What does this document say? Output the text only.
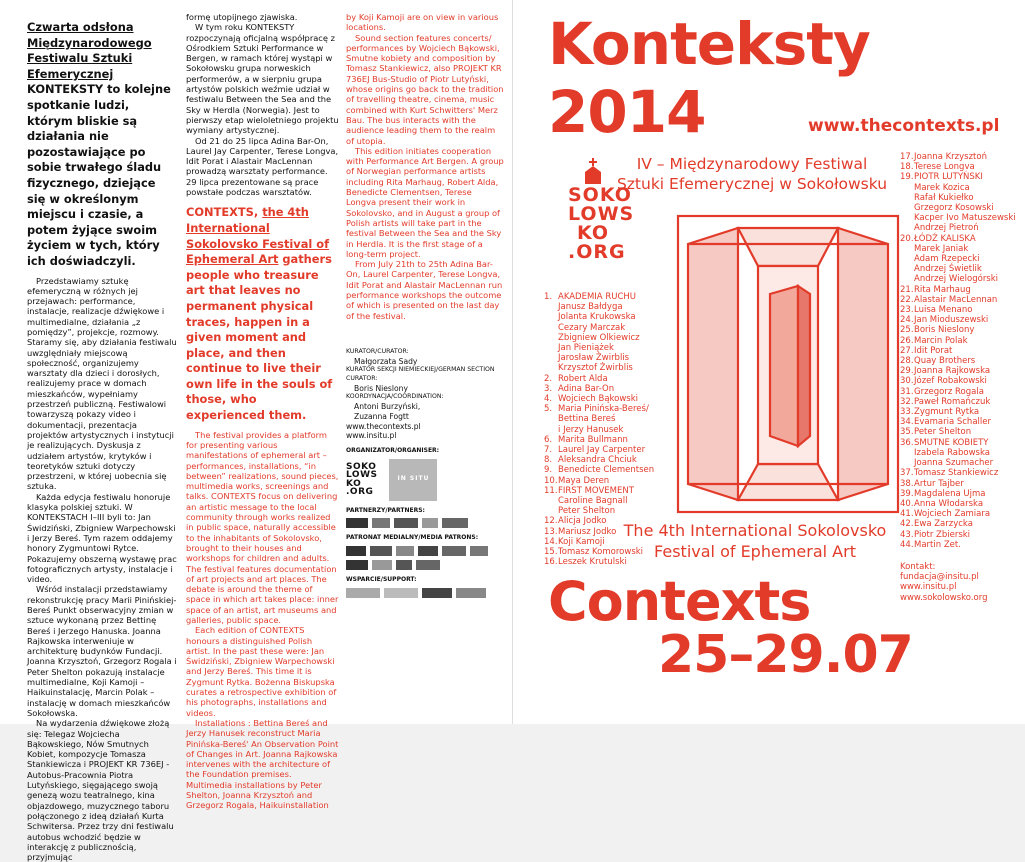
Czwarta odsłona
Międzynarodowego
Festiwalu Sztuki
Efemerycznej KONTEKSTY to kolejne spotkanie ludzi, którym bliskie są działania nie pozostawiające po sobie trwałego śladu fizycznego, dziejące się w określonym miejscu i czasie, a potem żyjące swoim życiem w tych, który ich doświadczyli.

Przedstawiamy sztukę efemeryczną w różnych jej przejawach: performance, instalacje, realizacje dźwiękowe i multimedialne, działania „z pomiędzy”, projekcje, rozmowy. Staramy się, aby działania festiwalu uwzględniały miejscową społeczność, organizujemy warsztaty dla dzieci i dorosłych, realizujemy prace w domach mieszkańców, wypełniamy przestrzeń publiczną. Festiwalowi towarzyszą pokazy video i dokumentacji, prezentacja projektów artystycznych i instytucji je realizujących. Dyskusja z udziałem artystów, krytyków i teoretyków sztuki dotyczy przestrzeni, w której uobecnia się sztuka.

Każda edycja festiwalu honoruje klasyka polskiej sztuki. W KONTEKSTACH I–III byli to: Jan Świdziński, Zbigniew Warpechowski i Jerzy Bereś. Tym razem oddajemy honory Zygmuntowi Rytce. Pokazujemy obszerną wystawę prac fotograficznych artysty, instalacje i video.

Wśród instalacji przedstawiamy rekonstrukcję pracy Marii Pinińskiej-Bereś Punkt obserwacyjny zmian w sztuce wykonaną przez Bettinę Bereś i Jerzego Hanuska. Joanna Rajkowska interweniuje w architekturę budynków Fundacji. Joanna Krzysztoń, Grzegorz Rogala i Peter Shelton pokazują instalacje multimedialne, Koji Kamoji – Haikuinstalację, Marcin Polak – instalację w domach mieszkańców Sokołowska.

Na wydarzenia dźwiękowe złożą się: Telegaz Wojciecha Bąkowskiego, Nów Smutnych Kobiet, kompozycje Tomasza Stankiewicza i PROJEKT KR 736EJ - Autobus-Pracownia Piotra Lutyńskiego, sięgającego swoją genezą wozu teatralnego, kina objazdowego, muzycznego taboru połączonego z ideą działań Kurta Schwitersa. Przez trzy dni festiwalu autobus wchodzić będzie w interakcję z publicznością, przyjmując

formę utopijnego zjawiska.

W tym roku KONTEKSTY rozpoczynają oficjalną współpracę z Ośrodkiem Sztuki Performance w Bergen, w ramach której wystąpi w Sokołowsku grupa norweskich performerów, a w sierpniu grupa artystów polskich weźmie udział w festiwalu Between the Sea and the Sky w Herdla (Norwegia). Jest to pierwszy etap wieloletniego projektu wymiany artystycznej.

Od 21 do 25 lipca Adina Bar-On, Laurel Jay Carpenter, Terese Longva, Idit Porat i Alastair MacLennan prowadzą warsztaty performance. 29 lipca prezentowane są prace powstałe podczas warsztatów.

CONTEXTS, the 4th International Sokolovsko Festival of Ephemeral Art gathers people who treasure art that leaves no permanent physical traces, happen in a given moment and place, and then continue to live their own life in the souls of those, who experienced them.

The festival provides a platform for presenting various manifestations of ephemeral art – performances, installations, “in between” realizations, sound pieces, multimedia works, screenings and talks. CONTEXTS focus on delivering an artistic message to the local community through works realized in public space, naturally accessible to the inhabitants of Sokolovsko, brought to their houses and workshops for children and adults. The festival features documentation of art projects and art places. The debate is around the theme of space in which art takes place: inner space of an artist, art museums and galleries, public space.

Each edition of CONTEXTS honours a distinguished Polish artist. In the past these were: Jan Świdziński, Zbigniew Warpechowski and Jerzy Bereś. This time it is Zygmunt Rytka. Bożenna Biskupska curates a retrospective exhibition of his photographs, installations and videos.

Installations : Bettina Bereś and Jerzy Hanusek reconstruct Maria Pinińska-Bereś' An Observation Point of Changes in Art. Joanna Rajkowska intervenes with the architecture of the Foundation premises. Multimedia installations by Peter Shelton, Joanna Krzysztoń and Grzegorz Rogala, Haikuinstallation

by Koji Kamoji are on view in various locations.

Sound section features concerts/ performances by Wojciech Bąkowski, Smutne kobiety and composition by Tomasz Stankiewicz, also PROJEKT KR 736EJ Bus-Studio of Piotr Lutyński, whose origins go back to the tradition of travelling theatre, cinema, music combined with Kurt Schwitters' Merz Bau. The bus interacts with the audience leading them to the realm of utopia.

This edition initiates cooperation with Performance Art Bergen. A group of Norwegian performance artists including Rita Marhaug, Robert Alda, Benedicte Clementsen, Terese Longva present their work in Sokolovsko, and in August a group of Polish artists will take part in the festival Between the Sea and the Sky in Herdla. It is the first stage of a long-term project.

From July 21th to 25th Adina Bar-On, Laurel Carpenter, Terese Longva, Idit Porat and Alastair MacLennan run performance workshops the outcome of which is presented on the last day of the festival.

KURATOR/CURATOR:
Małgorzata Sady
KURATOR SEKCJI NIEMIECKIEJ/GERMAN SECTION CURATOR:
Boris Nieslony
KOORDYNACJA/COORDINATION:
Antoni Burzyński,
Zuzanna Fogtt
www.thecontexts.pl
www.insitu.pl
ORGANIZATOR/ORGANISER:
SOKO
LOWS
KO
.ORG
IN SITU
PARTNERZY/PARTNERS:
PATRONAT MEDIALNY/MEDIA PATRONS:
WSPARCIE/SUPPORT:
Konteksty
2014	www.thecontexts.pl
SOKO
LOWS
KO
.ORG
IV – Międzynarodowy Festiwal
Sztuki Efemerycznej w Sokołowsku
1. AKADEMIA RUCHU
Janusz Bałdyga
Jolanta Krukowska
Cezary Marczak
Zbigniew Olkiewicz
Jan Pieniążek
Jarosław Żwirblis
Krzysztof Żwirblis
2. Robert Alda
3. Adina Bar-On
4. Wojciech Bąkowski
5. Maria Pinińska-Bereś/
Bettina Bereś
i Jerzy Hanusek
6. Marita Bullmann
7. Laurel Jay Carpenter
8. Aleksandra Chciuk
9. Benedicte Clementsen
10.Maya Deren
11.FIRST MOVEMENT
Caroline Bagnall
Peter Shelton
12.Alicja Jodko
13.Mariusz Jodko
14.Koji Kamoji
15.Tomasz Komorowski
16.Leszek Krutulski
17.Joanna Krzysztoń
18.Terese Longva
19.PIOTR LUTYŃSKI
Marek Kozica
Rafał Kukiełko
Grzegorz Kosowski
Kacper Ivo Matuszewski
Andrzej Pietroń
20.ŁÓDŹ KALISKA
Marek Janiak
Adam Rzepecki
Andrzej Świetlik
Andrzej Wielogórski
21.Rita Marhaug
22.Alastair MacLennan
23.Luisa Menano
24.Jan Mioduszewski
25.Boris Nieslony
26.Marcin Polak
27.Idit Porat
28.Quay Brothers
29.Joanna Rajkowska
30.Józef Robakowski
31.Grzegorz Rogala
32.Paweł Romańczuk
33.Zygmunt Rytka
34.Evamaria Schaller
35.Peter Shelton
36.SMUTNE KOBIETY
Izabela Rabowska
Joanna Szumacher
37.Tomasz Stankiewicz
38.Artur Tajber
39.Magdalena Ujma
40.Anna Włodarska
41.Wojciech Zamiara
42.Ewa Zarzycka
43.Piotr Zbierski
44.Martin Zet.
The 4th International Sokolovsko
Festival of Ephemeral Art
Kontakt:
fundacja@insitu.pl
www.insitu.pl
www.sokolowsko.org
Contexts
25–29.07
